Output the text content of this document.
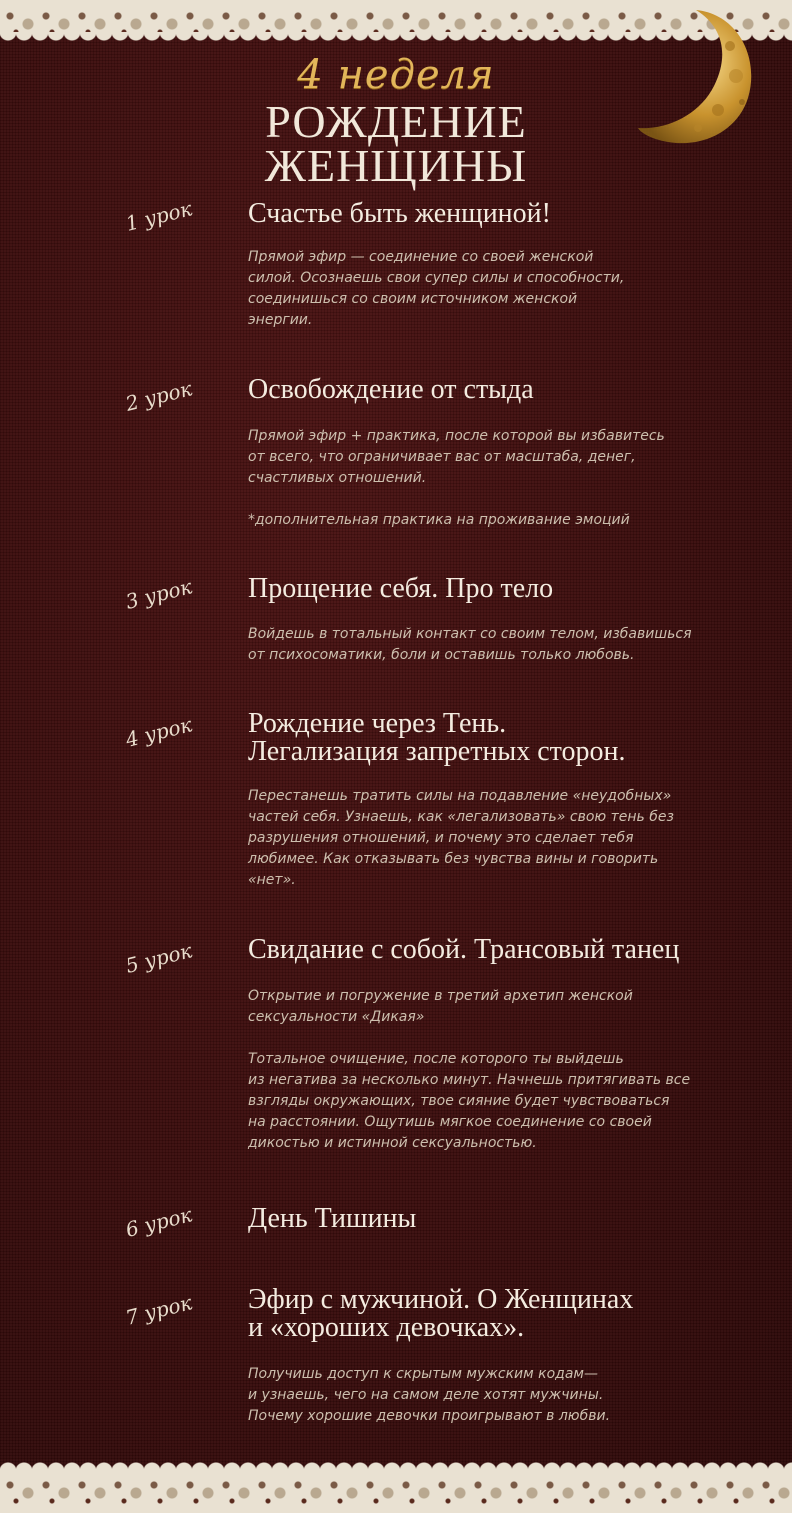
4 неделя
РОЖДЕНИЕ
ЖЕНЩИНЫ
1 урок	Счастье быть женщиной!
Прямой эфир — соединение со своей женской
силой. Осознаешь свои супер силы и способности,
соединишься со своим источником женской
энергии.
2 урок	Освобождение от стыда
Прямой эфир + практика, после которой вы избавитесь
от всего, что ограничивает вас от масштаба, денег,
счастливых отношений.

*дополнительная практика на проживание эмоций
3 урок	Прощение себя. Про тело
Войдешь в тотальный контакт со своим телом, избавишься
от психосоматики, боли и оставишь только любовь.
4 урок	Рождение через Тень.
Легализация запретных сторон.
Перестанешь тратить силы на подавление «неудобных»
частей себя. Узнаешь, как «легализовать» свою тень без
разрушения отношений, и почему это сделает тебя
любимее. Как отказывать без чувства вины и говорить
«нет».
5 урок	Свидание с собой. Трансовый танец
Открытие и погружение в третий архетип женской
сексуальности «Дикая»

Тотальное очищение, после которого ты выйдешь
из негатива за несколько минут. Начнешь притягивать все
взгляды окружающих, твое сияние будет чувствоваться
на расстоянии. Ощутишь мягкое соединение со своей
дикостью и истинной сексуальностью.
6 урок	День Тишины
7 урок	Эфир с мужчиной. О Женщинах
и «хороших девочках».
Получишь доступ к скрытым мужским кодам—
и узнаешь, чего на самом деле хотят мужчины.
Почему хорошие девочки проигрывают в любви.
